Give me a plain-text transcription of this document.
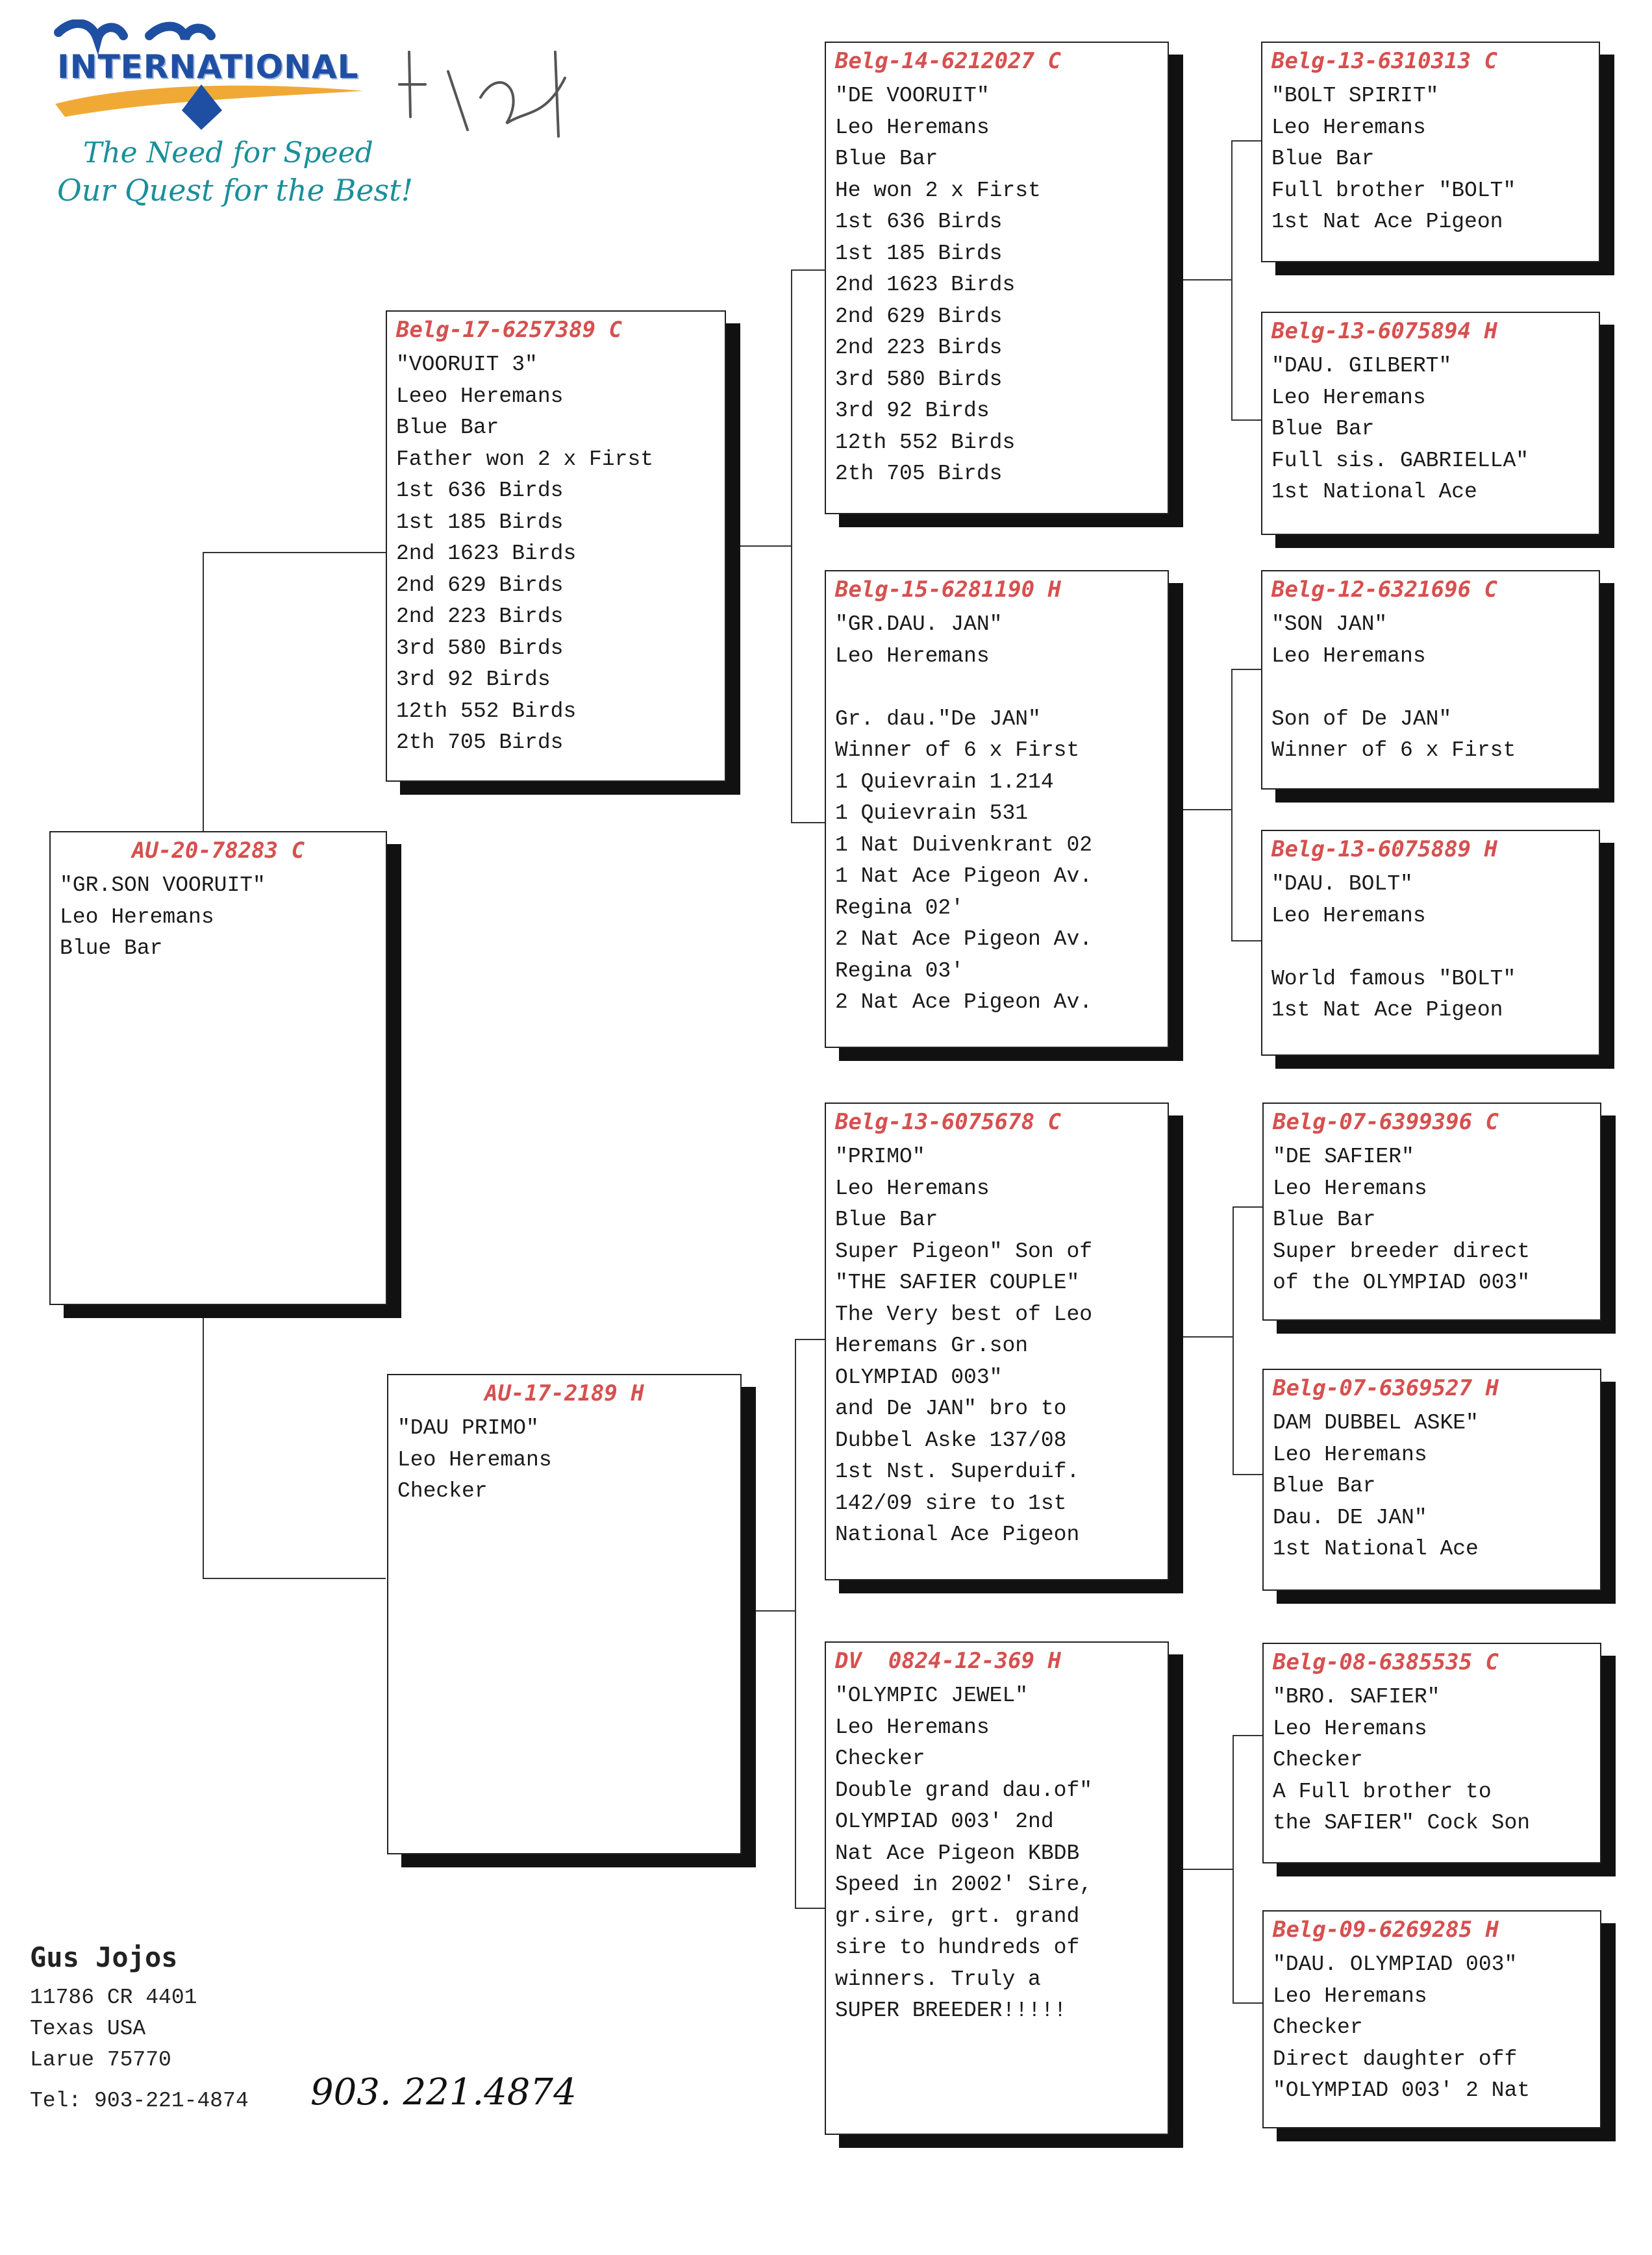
INTERNATIONAL
The Need for Speed
Our Quest for the Best!
AU-20-78283 C
"GR.SON VOORUIT"
Leo Heremans
Blue Bar
Belg-17-6257389 C
"VOORUIT 3"
Leeo Heremans
Blue Bar
Father won 2 x First
1st 636 Birds
1st 185 Birds
2nd 1623 Birds
2nd 629 Birds
2nd 223 Birds
3rd 580 Birds
3rd 92 Birds
12th 552 Birds
2th 705 Birds
AU-17-2189 H
"DAU PRIMO"
Leo Heremans
Checker
Belg-14-6212027 C
"DE VOORUIT"
Leo Heremans
Blue Bar
He won 2 x First
1st 636 Birds
1st 185 Birds
2nd 1623 Birds
2nd 629 Birds
2nd 223 Birds
3rd 580 Birds
3rd 92 Birds
12th 552 Birds
2th 705 Birds
Belg-15-6281190 H
"GR.DAU. JAN"
Leo Heremans

Gr. dau."De JAN"
Winner of 6 x First
1 Quievrain 1.214
1 Quievrain 531
1 Nat Duivenkrant 02
1 Nat Ace Pigeon Av.
Regina 02'
2 Nat Ace Pigeon Av.
Regina 03'
2 Nat Ace Pigeon Av.
Belg-13-6075678 C
"PRIMO"
Leo Heremans
Blue Bar
Super Pigeon" Son of
"THE SAFIER COUPLE"
The Very best of Leo
Heremans Gr.son
OLYMPIAD 003"
and De JAN" bro to
Dubbel Aske 137/08
1st Nst. Superduif.
142/09 sire to 1st
National Ace Pigeon
DV  0824-12-369 H
"OLYMPIC JEWEL"
Leo Heremans
Checker
Double grand dau.of"
OLYMPIAD 003' 2nd
Nat Ace Pigeon KBDB
Speed in 2002' Sire,
gr.sire, grt. grand
sire to hundreds of
winners. Truly a
SUPER BREEDER!!!!!
Belg-13-6310313 C
"BOLT SPIRIT"
Leo Heremans
Blue Bar
Full brother "BOLT"
1st Nat Ace Pigeon
Belg-13-6075894 H
"DAU. GILBERT"
Leo Heremans
Blue Bar
Full sis. GABRIELLA"
1st National Ace
Belg-12-6321696 C
"SON JAN"
Leo Heremans

Son of De JAN"
Winner of 6 x First
Belg-13-6075889 H
"DAU. BOLT"
Leo Heremans

World famous "BOLT"
1st Nat Ace Pigeon
Belg-07-6399396 C
"DE SAFIER"
Leo Heremans
Blue Bar
Super breeder direct
of the OLYMPIAD 003"
Belg-07-6369527 H
DAM DUBBEL ASKE"
Leo Heremans
Blue Bar
Dau. DE JAN"
1st National Ace
Belg-08-6385535 C
"BRO. SAFIER"
Leo Heremans
Checker
A Full brother to
the SAFIER" Cock Son
Belg-09-6269285 H
"DAU. OLYMPIAD 003"
Leo Heremans
Checker
Direct daughter off
"OLYMPIAD 003' 2 Nat
Gus Jojos
11786 CR 4401
Texas USA
Larue 75770
Tel: 903-221-4874 903. 221.4874
